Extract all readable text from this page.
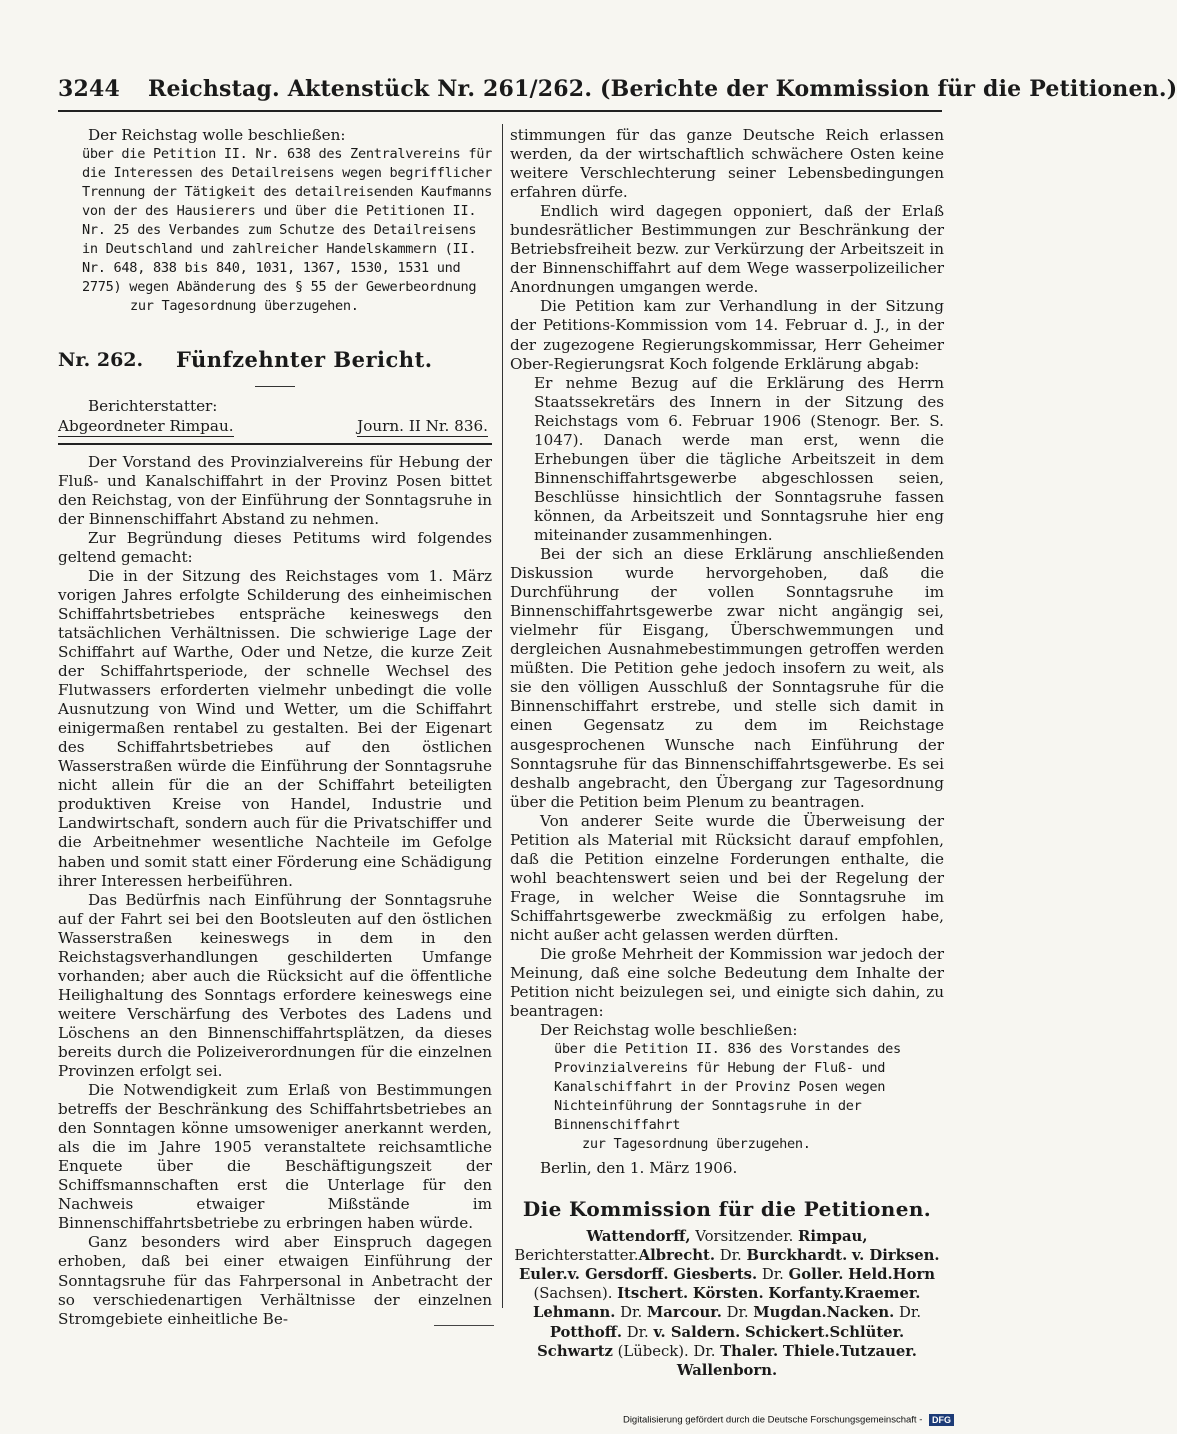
3244 Reichstag. Aktenstück Nr. 261/262. (Berichte der Kommission für die Petitionen.)

Der Reichstag wolle beschließen:

über die Petition II. Nr. 638 des Zentralvereins für die Interessen des Detailreisens wegen begrifflicher Trennung der Tätigkeit des detailreisenden Kaufmanns von der des Hausierers und über die Petitionen II. Nr. 25 des Verbandes zum Schutze des Detailreisens in Deutschland und zahlreicher Handelskammern (II. Nr. 648, 838 bis 840, 1031, 1367, 1530, 1531 und 2775) wegen Abänderung des § 55 der Gewerbeordnung

zur Tagesordnung überzugehen.

Nr. 262. Fünfzehnter Bericht.

Berichterstatter:

Abgeordneter Rimpau.	Journ. II Nr. 836.

Der Vorstand des Provinzialvereins für Hebung der Fluß- und Kanalschiffahrt in der Provinz Posen bittet den Reichstag, von der Einführung der Sonntagsruhe in der Binnenschiffahrt Abstand zu nehmen.

Zur Begründung dieses Petitums wird folgendes geltend gemacht:

Die in der Sitzung des Reichstages vom 1. März vorigen Jahres erfolgte Schilderung des einheimischen Schiffahrtsbetriebes entspräche keineswegs den tatsächlichen Verhältnissen. Die schwierige Lage der Schiffahrt auf Warthe, Oder und Netze, die kurze Zeit der Schiffahrtsperiode, der schnelle Wechsel des Flutwassers erforderten vielmehr unbedingt die volle Ausnutzung von Wind und Wetter, um die Schiffahrt einigermaßen rentabel zu gestalten. Bei der Eigenart des Schiffahrtsbetriebes auf den östlichen Wasserstraßen würde die Einführung der Sonntagsruhe nicht allein für die an der Schiffahrt beteiligten produktiven Kreise von Handel, Industrie und Landwirtschaft, sondern auch für die Privatschiffer und die Arbeitnehmer wesentliche Nachteile im Gefolge haben und somit statt einer Förderung eine Schädigung ihrer Interessen herbeiführen.

Das Bedürfnis nach Einführung der Sonntagsruhe auf der Fahrt sei bei den Bootsleuten auf den östlichen Wasserstraßen keineswegs in dem in den Reichstagsverhandlungen geschilderten Umfange vorhanden; aber auch die Rücksicht auf die öffentliche Heilighaltung des Sonntags erfordere keineswegs eine weitere Verschärfung des Verbotes des Ladens und Löschens an den Binnenschiffahrtsplätzen, da dieses bereits durch die Polizeiverordnungen für die einzelnen Provinzen erfolgt sei.

Die Notwendigkeit zum Erlaß von Bestimmungen betreffs der Beschränkung des Schiffahrtsbetriebes an den Sonntagen könne umsoweniger anerkannt werden, als die im Jahre 1905 veranstaltete reichsamtliche Enquete über die Beschäftigungszeit der Schiffsmannschaften erst die Unterlage für den Nachweis etwaiger Mißstände im Binnenschiffahrtsbetriebe zu erbringen haben würde.

Ganz besonders wird aber Einspruch dagegen erhoben, daß bei einer etwaigen Einführung der Sonntagsruhe für das Fahrpersonal in Anbetracht der so verschiedenartigen Verhältnisse der einzelnen Stromgebiete einheitliche Be-

stimmungen für das ganze Deutsche Reich erlassen werden, da der wirtschaftlich schwächere Osten keine weitere Verschlechterung seiner Lebensbedingungen erfahren dürfe.

Endlich wird dagegen opponiert, daß der Erlaß bundesrätlicher Bestimmungen zur Beschränkung der Betriebsfreiheit bezw. zur Verkürzung der Arbeitszeit in der Binnenschiffahrt auf dem Wege wasserpolizeilicher Anordnungen umgangen werde.

Die Petition kam zur Verhandlung in der Sitzung der Petitions-Kommission vom 14. Februar d. J., in der der zugezogene Regierungskommissar, Herr Geheimer Ober-Regierungsrat Koch folgende Erklärung abgab:

Er nehme Bezug auf die Erklärung des Herrn Staatssekretärs des Innern in der Sitzung des Reichstags vom 6. Februar 1906 (Stenogr. Ber. S. 1047). Danach werde man erst, wenn die Erhebungen über die tägliche Arbeitszeit in dem Binnenschiffahrtsgewerbe abgeschlossen seien, Beschlüsse hinsichtlich der Sonntagsruhe fassen können, da Arbeitszeit und Sonntagsruhe hier eng miteinander zusammenhingen.

Bei der sich an diese Erklärung anschließenden Diskussion wurde hervorgehoben, daß die Durchführung der vollen Sonntagsruhe im Binnenschiffahrtsgewerbe zwar nicht angängig sei, vielmehr für Eisgang, Überschwemmungen und dergleichen Ausnahmebestimmungen getroffen werden müßten. Die Petition gehe jedoch insofern zu weit, als sie den völligen Ausschluß der Sonntagsruhe für die Binnenschiffahrt erstrebe, und stelle sich damit in einen Gegensatz zu dem im Reichstage ausgesprochenen Wunsche nach Einführung der Sonntagsruhe für das Binnenschiffahrtsgewerbe. Es sei deshalb angebracht, den Übergang zur Tagesordnung über die Petition beim Plenum zu beantragen.

Von anderer Seite wurde die Überweisung der Petition als Material mit Rücksicht darauf empfohlen, daß die Petition einzelne Forderungen enthalte, die wohl beachtenswert seien und bei der Regelung der Frage, in welcher Weise die Sonntagsruhe im Schiffahrtsgewerbe zweckmäßig zu erfolgen habe, nicht außer acht gelassen werden dürften.

Die große Mehrheit der Kommission war jedoch der Meinung, daß eine solche Bedeutung dem Inhalte der Petition nicht beizulegen sei, und einigte sich dahin, zu beantragen:

Der Reichstag wolle beschließen:

über die Petition II. 836 des Vorstandes des Provinzialvereins für Hebung der Fluß- und Kanalschiffahrt in der Provinz Posen wegen Nichteinführung der Sonntagsruhe in der Binnenschiffahrt

zur Tagesordnung überzugehen.

Berlin, den 1. März 1906.

Die Kommission für die Petitionen.

Wattendorff, Vorsitzender. Rimpau, Berichterstatter.Albrecht. Dr. Burckhardt. v. Dirksen. Euler.v. Gersdorff. Giesberts. Dr. Goller. Held.Horn (Sachsen). Itschert. Körsten. Korfanty.Kraemer. Lehmann. Dr. Marcour. Dr. Mugdan.Nacken. Dr. Potthoff. Dr. v. Saldern. Schickert.Schlüter. Schwartz (Lübeck). Dr. Thaler. Thiele.Tutzauer. Wallenborn.
Digitalisierung gefördert durch die Deutsche Forschungsgemeinschaft - DFG
